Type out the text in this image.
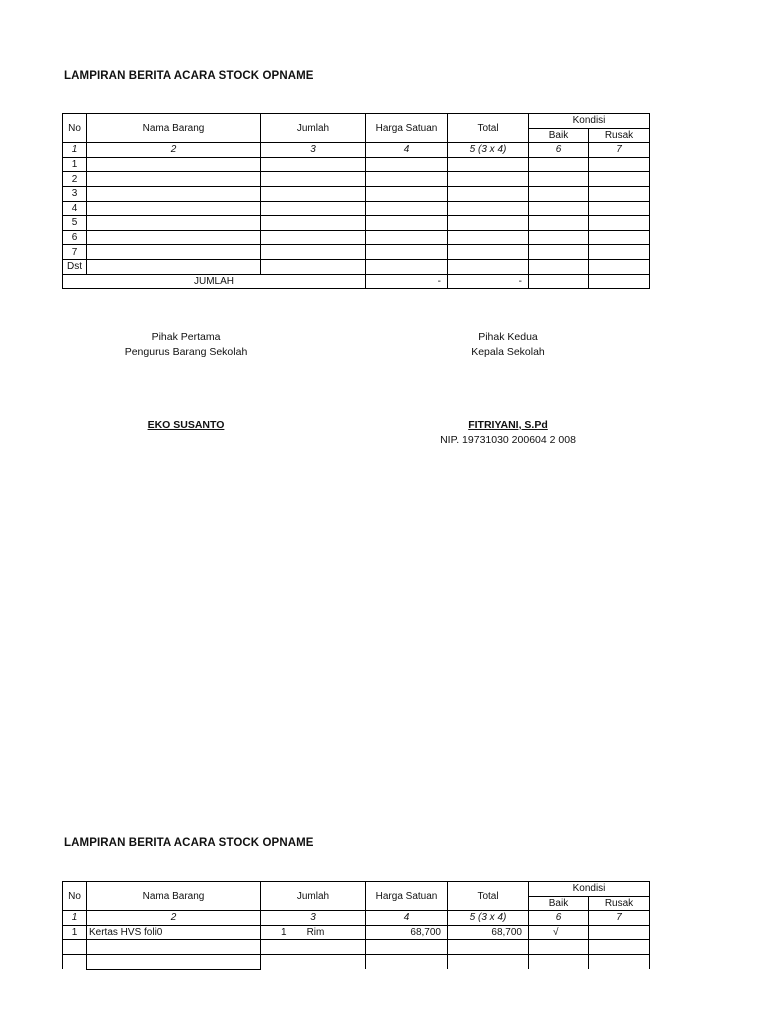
LAMPIRAN BERITA ACARA STOCK OPNAME
No	Nama Barang	Jumlah	Harga Satuan	Total	Kondisi	
					Baik	Rusak
1	2	3	4	5 (3 x 4)	6	7
1						
2						
3						
4						
5						
6						
7						
Dst						
JUMLAH			-	-		
Pihak Pertama
Pengurus Barang Sekolah
EKO SUSANTO
Pihak Kedua
Kepala Sekolah
FITRIYANI, S.Pd
NIP. 19731030 200604 2 008
LAMPIRAN BERITA ACARA STOCK OPNAME
No	Nama Barang	Jumlah	Harga Satuan	Total	Kondisi	
					Baik	Rusak
1	2	3	4	5 (3 x 4)	6	7
1	Kertas HVS foli0	1 Rim	68,700	68,700	√	
